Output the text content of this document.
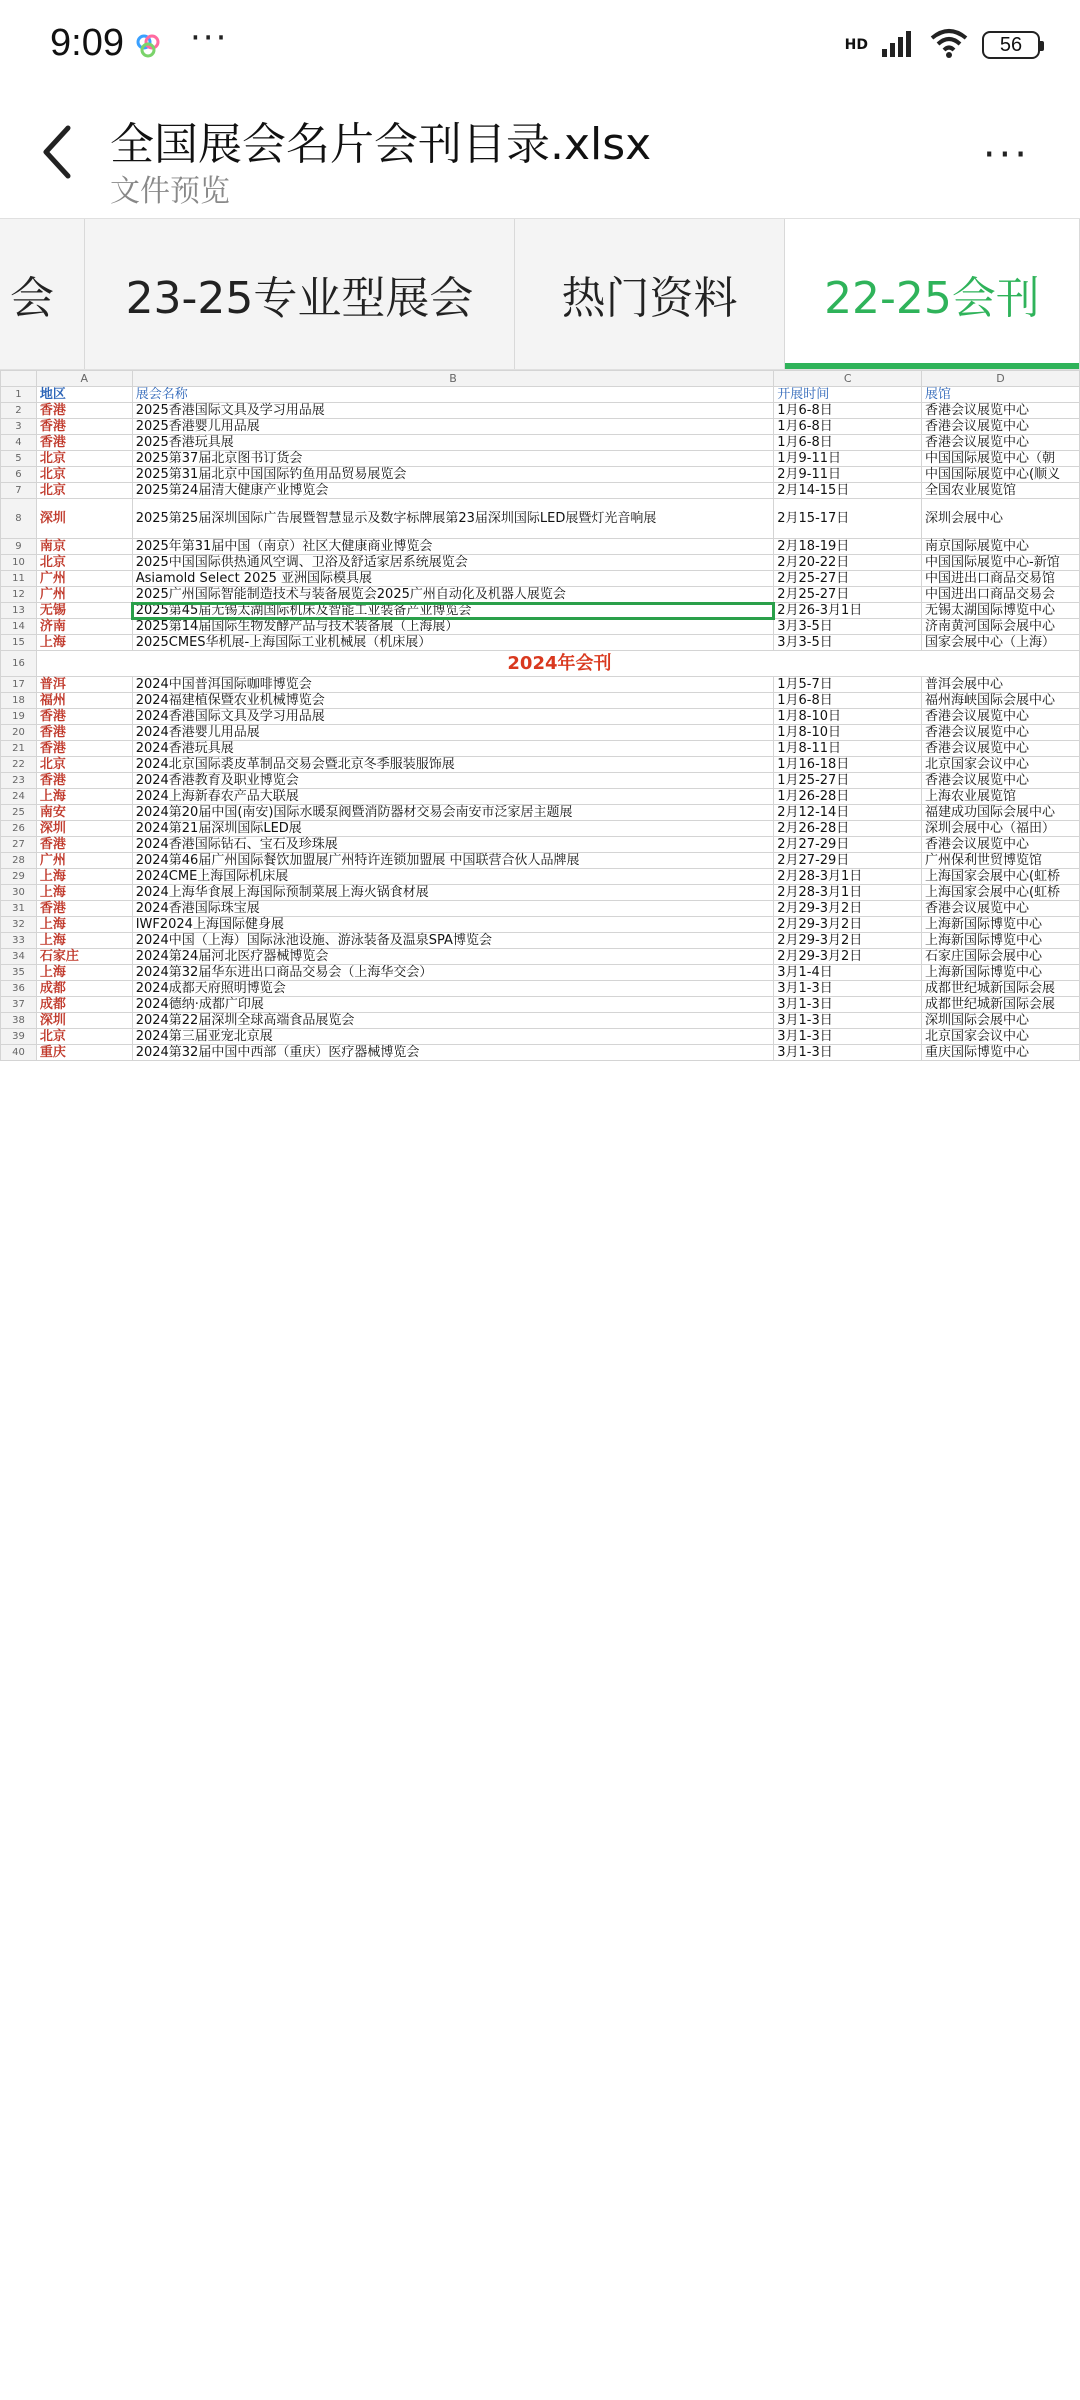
9:09 ···	HD	56
全国展会名片会刊目录.xlsx
文件预览
···
会 23-25专业型展会 热门资料 22-25会刊
	A	B	C	D
1	地区	展会名称	开展时间	展馆
2	香港	2025香港国际文具及学习用品展	1月6-8日	香港会议展览中心
3	香港	2025香港婴儿用品展	1月6-8日	香港会议展览中心
4	香港	2025香港玩具展	1月6-8日	香港会议展览中心
5	北京	2025第37届北京图书订货会	1月9-11日	中国国际展览中心（朝
6	北京	2025第31届北京中国国际钓鱼用品贸易展览会	2月9-11日	中国国际展览中心(顺义
7	北京	2025第24届清大健康产业博览会	2月14-15日	全国农业展览馆
8	深圳	2025第25届深圳国际广告展暨智慧显示及数字标牌展第23届深圳国际LED展暨灯光音响展	2月15-17日	深圳会展中心
9	南京	2025年第31届中国（南京）社区大健康商业博览会	2月18-19日	南京国际展览中心
10	北京	2025中国国际供热通风空调、卫浴及舒适家居系统展览会	2月20-22日	中国国际展览中心-新馆
11	广州	Asiamold Select 2025 亚洲国际模具展	2月25-27日	中国进出口商品交易馆
12	广州	2025广州国际智能制造技术与装备展览会2025广州自动化及机器人展览会	2月25-27日	中国进出口商品交易会
13	无锡	2025第45届无锡太湖国际机床及智能工业装备产业博览会	2月26-3月1日	无锡太湖国际博览中心
14	济南	2025第14届国际生物发酵产品与技术装备展（上海展）	3月3-5日	济南黄河国际会展中心
15	上海	2025CMES华机展-上海国际工业机械展（机床展）	3月3-5日	国家会展中心（上海）
16	2024年会刊			
17	普洱	2024中国普洱国际咖啡博览会	1月5-7日	普洱会展中心
18	福州	2024福建植保暨农业机械博览会	1月6-8日	福州海峡国际会展中心
19	香港	2024香港国际文具及学习用品展	1月8-10日	香港会议展览中心
20	香港	2024香港婴儿用品展	1月8-10日	香港会议展览中心
21	香港	2024香港玩具展	1月8-11日	香港会议展览中心
22	北京	2024北京国际裘皮革制品交易会暨北京冬季服装服饰展	1月16-18日	北京国家会议中心
23	香港	2024香港教育及职业博览会	1月25-27日	香港会议展览中心
24	上海	2024上海新春农产品大联展	1月26-28日	上海农业展览馆
25	南安	2024第20届中国(南安)国际水暖泵阀暨消防器材交易会南安市泛家居主题展	2月12-14日	福建成功国际会展中心
26	深圳	2024第21届深圳国际LED展	2月26-28日	深圳会展中心（福田）
27	香港	2024香港国际钻石、宝石及珍珠展	2月27-29日	香港会议展览中心
28	广州	2024第46届广州国际餐饮加盟展广州特许连锁加盟展 中国联营合伙人品牌展	2月27-29日	广州保利世贸博览馆
29	上海	2024CME上海国际机床展	2月28-3月1日	上海国家会展中心(虹桥
30	上海	2024上海华食展上海国际预制菜展上海火锅食材展	2月28-3月1日	上海国家会展中心(虹桥
31	香港	2024香港国际珠宝展	2月29-3月2日	香港会议展览中心
32	上海	IWF2024上海国际健身展	2月29-3月2日	上海新国际博览中心
33	上海	2024中国（上海）国际泳池设施、游泳装备及温泉SPA博览会	2月29-3月2日	上海新国际博览中心
34	石家庄	2024第24届河北医疗器械博览会	2月29-3月2日	石家庄国际会展中心
35	上海	2024第32届华东进出口商品交易会（上海华交会）	3月1-4日	上海新国际博览中心
36	成都	2024成都天府照明博览会	3月1-3日	成都世纪城新国际会展
37	成都	2024德纳·成都广印展	3月1-3日	成都世纪城新国际会展
38	深圳	2024第22届深圳全球高端食品展览会	3月1-3日	深圳国际会展中心
39	北京	2024第三届亚宠北京展	3月1-3日	北京国家会议中心
40	重庆	2024第32届中国中西部（重庆）医疗器械博览会	3月1-3日	重庆国际博览中心
